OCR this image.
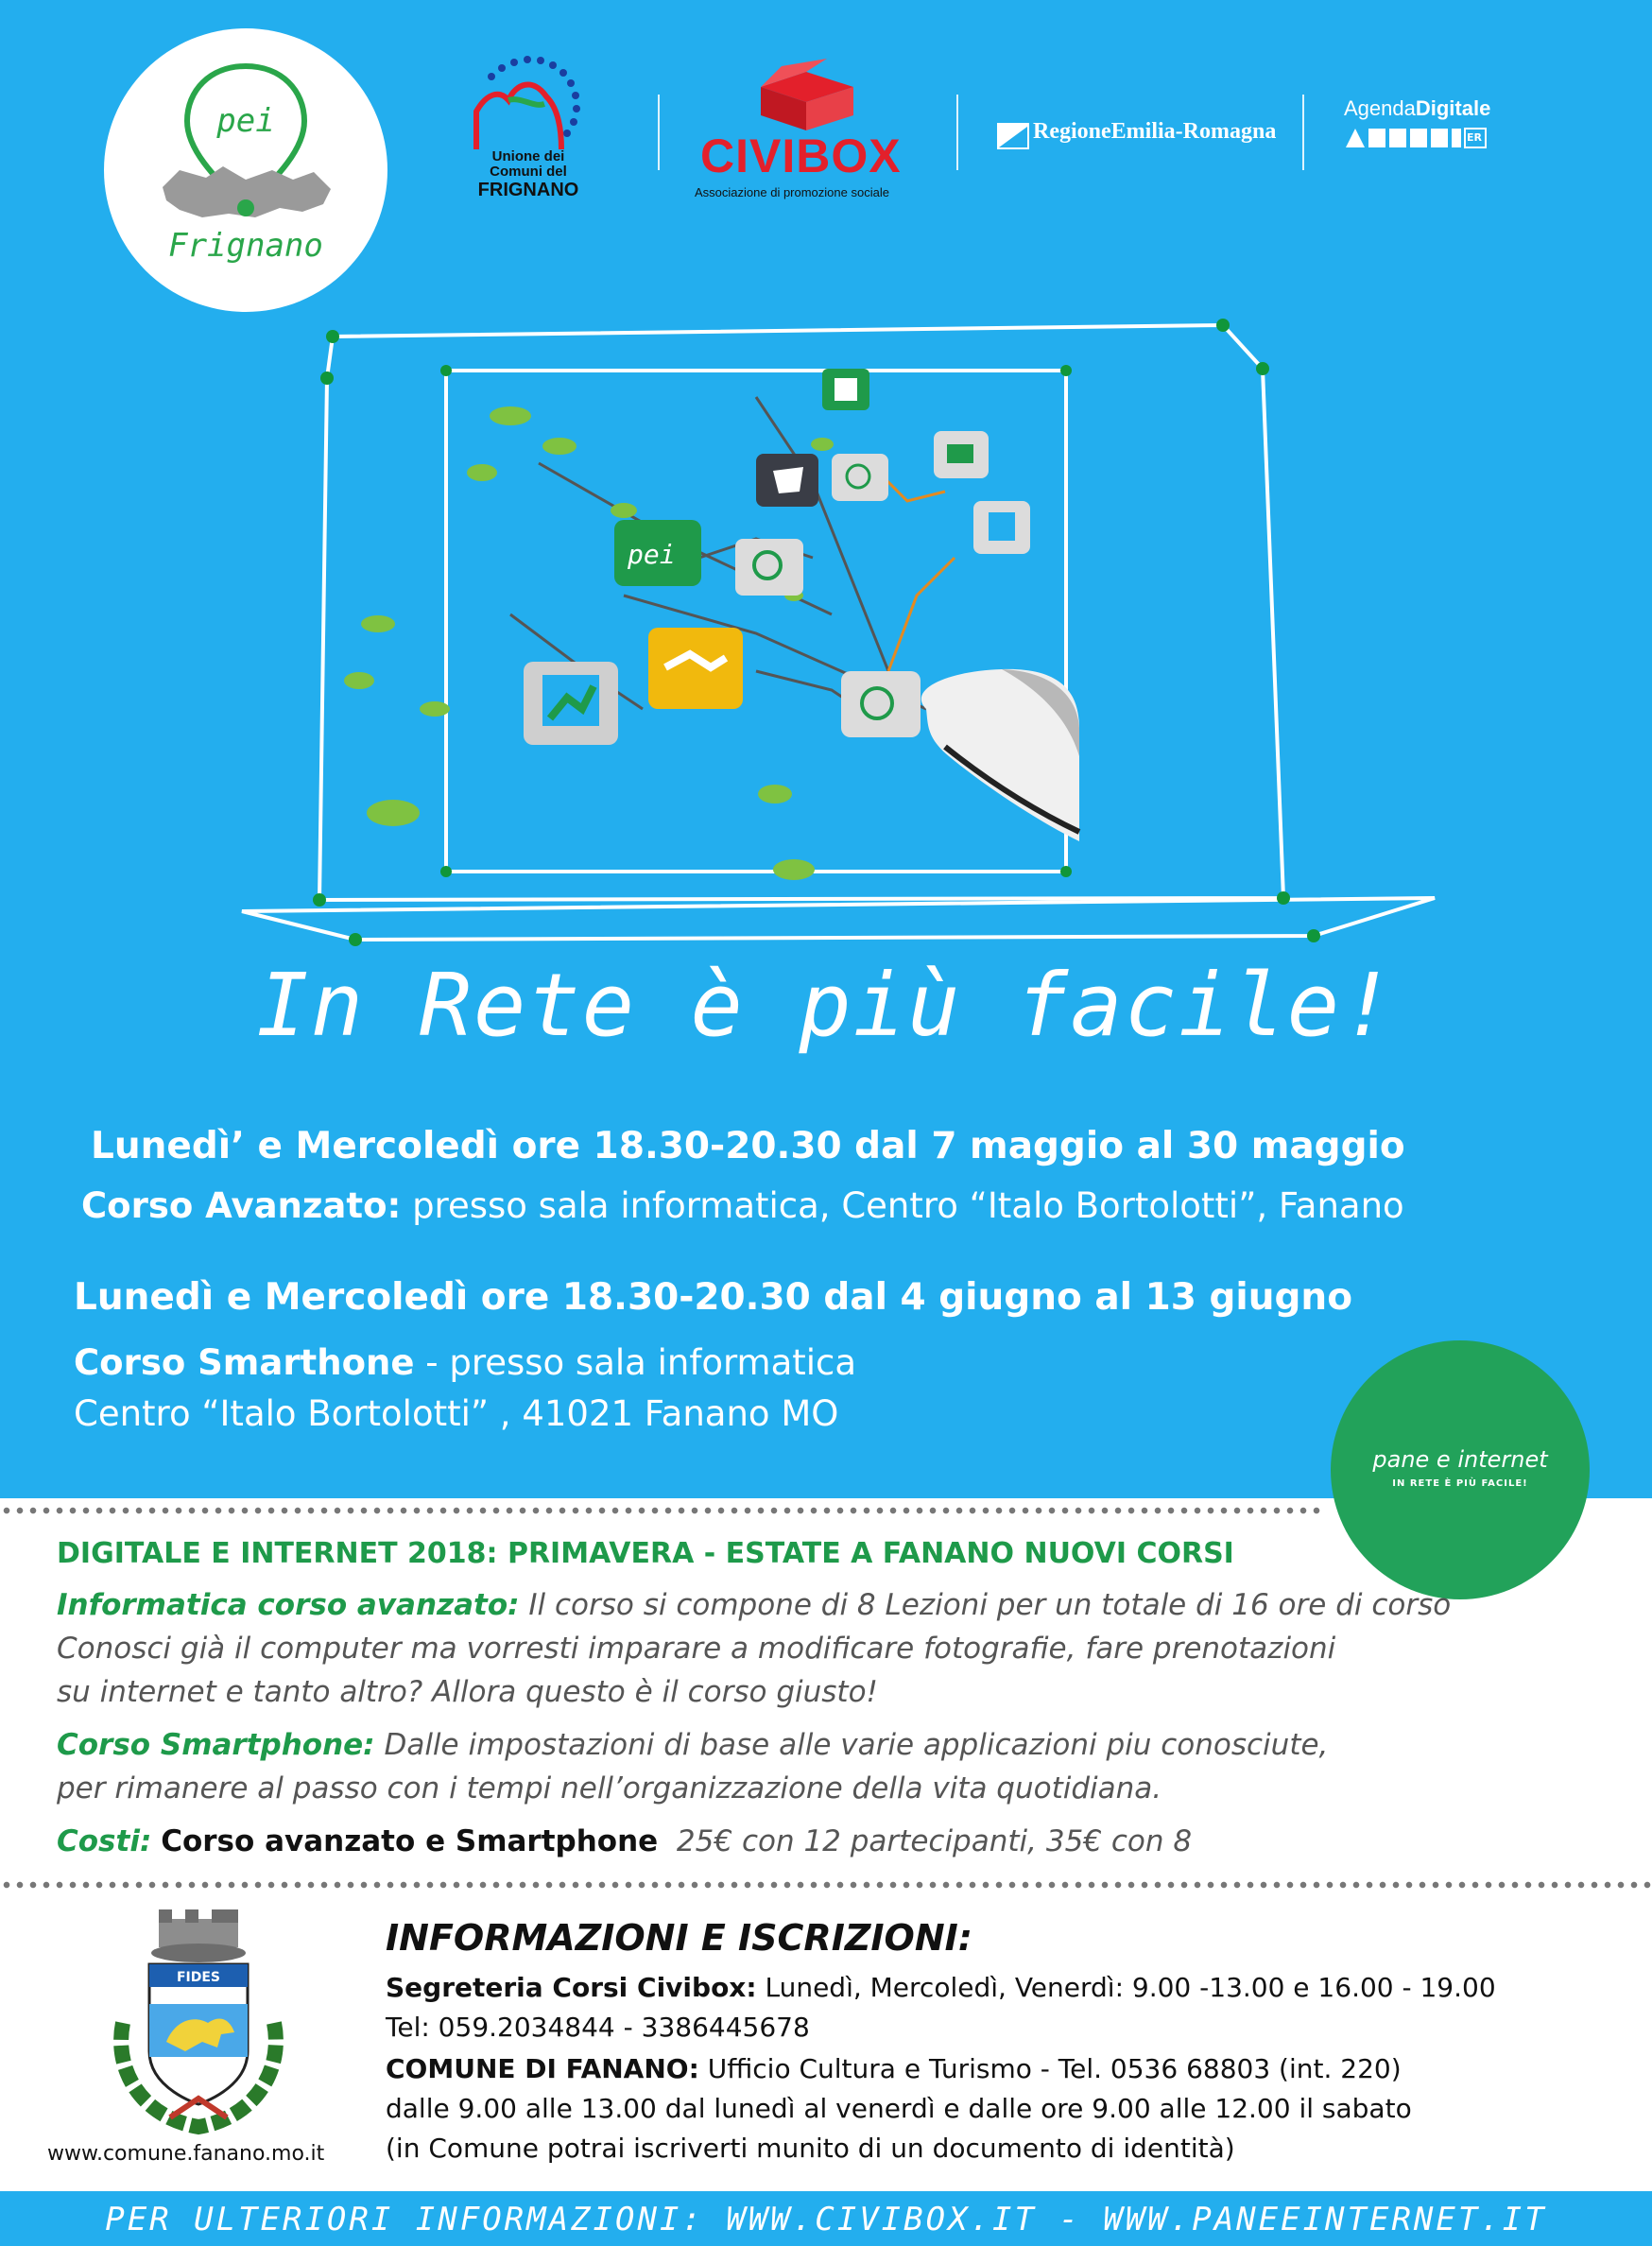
pei
Frignano
Unione dei
Comuni del
FRIGNANO
CIVIBOX
Associazione di promozione sociale
RegioneEmilia-Romagna
AgendaDigitale
ER
pei
In Rete è più facile!
Lunedì’ e Mercoledì ore 18.30-20.30 dal 7 maggio al 30 maggio
Corso Avanzato: presso sala informatica, Centro “Italo Bortolotti”, Fanano
Lunedì e Mercoledì ore 18.30-20.30 dal 4 giugno al 13 giugno
Corso Smarthone - presso sala informatica
Centro “Italo Bortolotti” , 41021 Fanano MO
pane e internet
IN RETE È PIÙ FACILE!
DIGITALE E INTERNET 2018: PRIMAVERA - ESTATE A FANANO NUOVI CORSI
Informatica corso avanzato: Il corso si compone di 8 Lezioni per un totale di 16 ore di corso
Conosci già il computer ma vorresti imparare a modificare fotografie, fare prenotazioni
su internet e tanto altro? Allora questo è il corso giusto!
Corso Smartphone: Dalle impostazioni di base alle varie applicazioni piu conosciute,
per rimanere al passo con i tempi nell’organizzazione della vita quotidiana.
Costi: Corso avanzato e Smartphone 25€ con 12 partecipanti, 35€ con 8
FIDES
www.comune.fanano.mo.it
INFORMAZIONI E ISCRIZIONI:
Segreteria Corsi Civibox: Lunedì, Mercoledì, Venerdì: 9.00 -13.00 e 16.00 - 19.00
Tel: 059.2034844 - 3386445678
COMUNE DI FANANO: Ufficio Cultura e Turismo - Tel. 0536 68803 (int. 220)
dalle 9.00 alle 13.00 dal lunedì al venerdì e dalle ore 9.00 alle 12.00 il sabato
(in Comune potrai iscriverti munito di un documento di identità)
PER ULTERIORI INFORMAZIONI: WWW.CIVIBOX.IT - WWW.PANEEINTERNET.IT
